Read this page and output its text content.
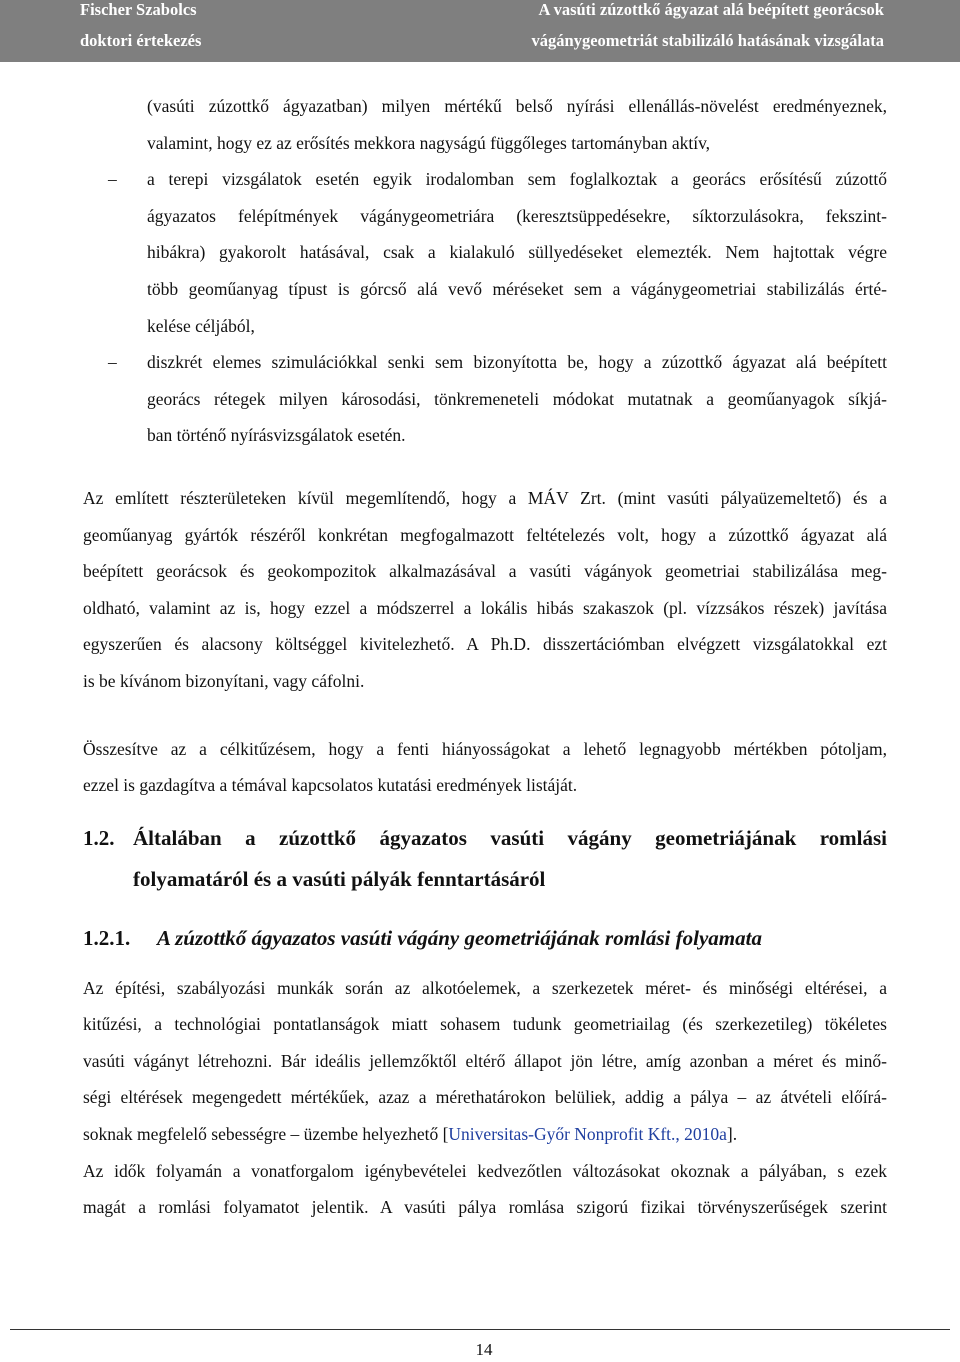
Fischer Szabolcs
doktori értekezés
A vasúti zúzottkő ágyazat alá beépített georácsok
vágánygeometriát stabilizáló hatásának vizsgálata
(vasúti zúzottkő ágyazatban) milyen mértékű belső nyírási ellenállás-növelést eredményeznek,
valamint, hogy ez az erősítés mekkora nagyságú függőleges tartományban aktív,
–	a terepi vizsgálatok esetén egyik irodalomban sem foglalkoztak a georács erősítésű zúzottő
ágyazatos felépítmények vágánygeometriára (keresztsüppedésekre, síktorzulásokra, fekszint-
hibákra) gyakorolt hatásával, csak a kialakuló süllyedéseket elemezték. Nem hajtottak végre
több geoműanyag típust is górcső alá vevő méréseket sem a vágánygeometriai stabilizálás érté-
kelése céljából,
–	diszkrét elemes szimulációkkal senki sem bizonyította be, hogy a zúzottkő ágyazat alá beépített
georács rétegek milyen károsodási, tönkremeneteli módokat mutatnak a geoműanyagok síkjá-
ban történő nyírásvizsgálatok esetén.
Az említett részterületeken kívül megemlítendő, hogy a MÁV Zrt. (mint vasúti pályaüzemeltető) és a
geoműanyag gyártók részéről konkrétan megfogalmazott feltételezés volt, hogy a zúzottkő ágyazat alá
beépített georácsok és geokompozitok alkalmazásával a vasúti vágányok geometriai stabilizálása meg-
oldható, valamint az is, hogy ezzel a módszerrel a lokális hibás szakaszok (pl. vízzsákos részek) javítása
egyszerűen és alacsony költséggel kivitelezhető. A Ph.D. disszertációmban elvégzett vizsgálatokkal ezt
is be kívánom bizonyítani, vagy cáfolni.
Összesítve az a célkitűzésem, hogy a fenti hiányosságokat a lehető legnagyobb mértékben pótoljam,
ezzel is gazdagítva a témával kapcsolatos kutatási eredmények listáját.
1.2. Általában a zúzottkő ágyazatos vasúti vágány geometriájának romlási
folyamatáról és a vasúti pályák fenntartásáról
1.2.1. A zúzottkő ágyazatos vasúti vágány geometriájának romlási folyamata
Az építési, szabályozási munkák során az alkotóelemek, a szerkezetek méret- és minőségi eltérései, a
kitűzési, a technológiai pontatlanságok miatt sohasem tudunk geometriailag (és szerkezetileg) tökéletes
vasúti vágányt létrehozni. Bár ideális jellemzőktől eltérő állapot jön létre, amíg azonban a méret és minő-
ségi eltérések megengedett mértékűek, azaz a mérethatárokon belüliek, addig a pálya – az átvételi előírá-
soknak megfelelő sebességre – üzembe helyezhető [Universitas-Győr Nonprofit Kft., 2010a].
Az idők folyamán a vonatforgalom igénybevételei kedvezőtlen változásokat okoznak a pályában, s ezek
magát a romlási folyamatot jelentik. A vasúti pálya romlása szigorú fizikai törvényszerűségek szerint
14
